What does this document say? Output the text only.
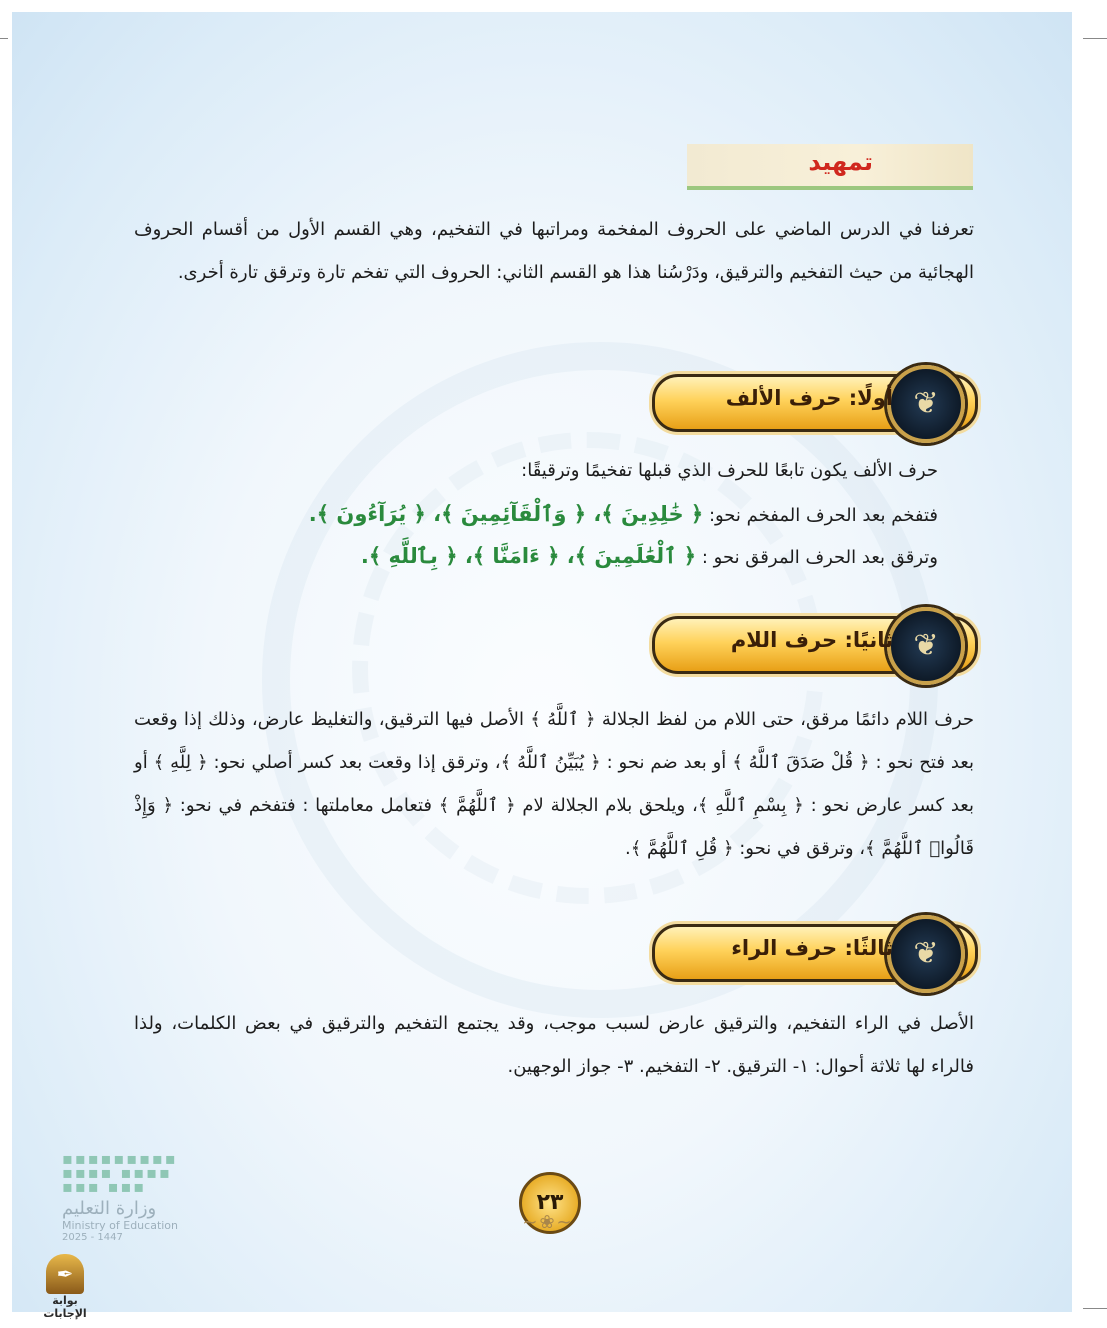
تمهيد
تعرفنا في الدرس الماضي على الحروف المفخمة ومراتبها في التفخيم، وهي القسم الأول من أقسام الحروف الهجائية من حيث التفخيم والترقيق، ودَرْسُنا هذا هو القسم الثاني: الحروف التي تفخم تارة وترقق تارة أخرى.
❦
أولًا: حرف الألف
حرف الألف يكون تابعًا للحرف الذي قبلها تفخيمًا وترقيقًا:
فتفخم بعد الحرف المفخم نحو: ﴿ خَٰلِدِينَ ﴾، ﴿ وَٱلْقَآئِمِينَ ﴾، ﴿ يُرَآءُونَ ﴾.
وترقق بعد الحرف المرقق نحو : ﴿ ٱلْعَٰلَمِينَ ﴾، ﴿ ءَامَنَّا ﴾، ﴿ بِٱللَّهِ ﴾.
❦
ثانيًا: حرف اللام
حرف اللام دائمًا مرقق، حتى اللام من لفظ الجلالة ﴿ ٱللَّهُ ﴾ الأصل فيها الترقيق، والتغليظ عارض، وذلك إذا وقعت بعد فتح نحو : ﴿ قُلْ صَدَقَ ٱللَّهُ ﴾ أو بعد ضم نحو : ﴿ يُبَيِّنُ ٱللَّهُ ﴾، وترقق إذا وقعت بعد كسر أصلي نحو: ﴿ لِلَّهِ ﴾ أو بعد كسر عارض نحو : ﴿ بِسْمِ ٱللَّهِ ﴾، ويلحق بلام الجلالة لام ﴿ ٱللَّهُمَّ ﴾ فتعامل معاملتها : فتفخم في نحو: ﴿ وَإِذْ قَالُوا۟ ٱللَّهُمَّ ﴾، وترقق في نحو: ﴿ قُلِ ٱللَّهُمَّ ﴾.
❦
ثالثًا: حرف الراء
الأصل في الراء التفخيم، والترقيق عارض لسبب موجب، وقد يجتمع التفخيم والترقيق في بعض الكلمات، ولذا فالراء لها ثلاثة أحوال: ١- الترقيق. ٢- التفخيم. ٣- جواز الوجهين.
٢٣
~❀~
▪▪▪▪▪▪▪▪▪
▪▪▪▪ ▪▪▪▪
▪▪▪ ▪▪▪
وزارة التعليم
Ministry of Education
2025 - 1447
✒
بوابة الإجابات
